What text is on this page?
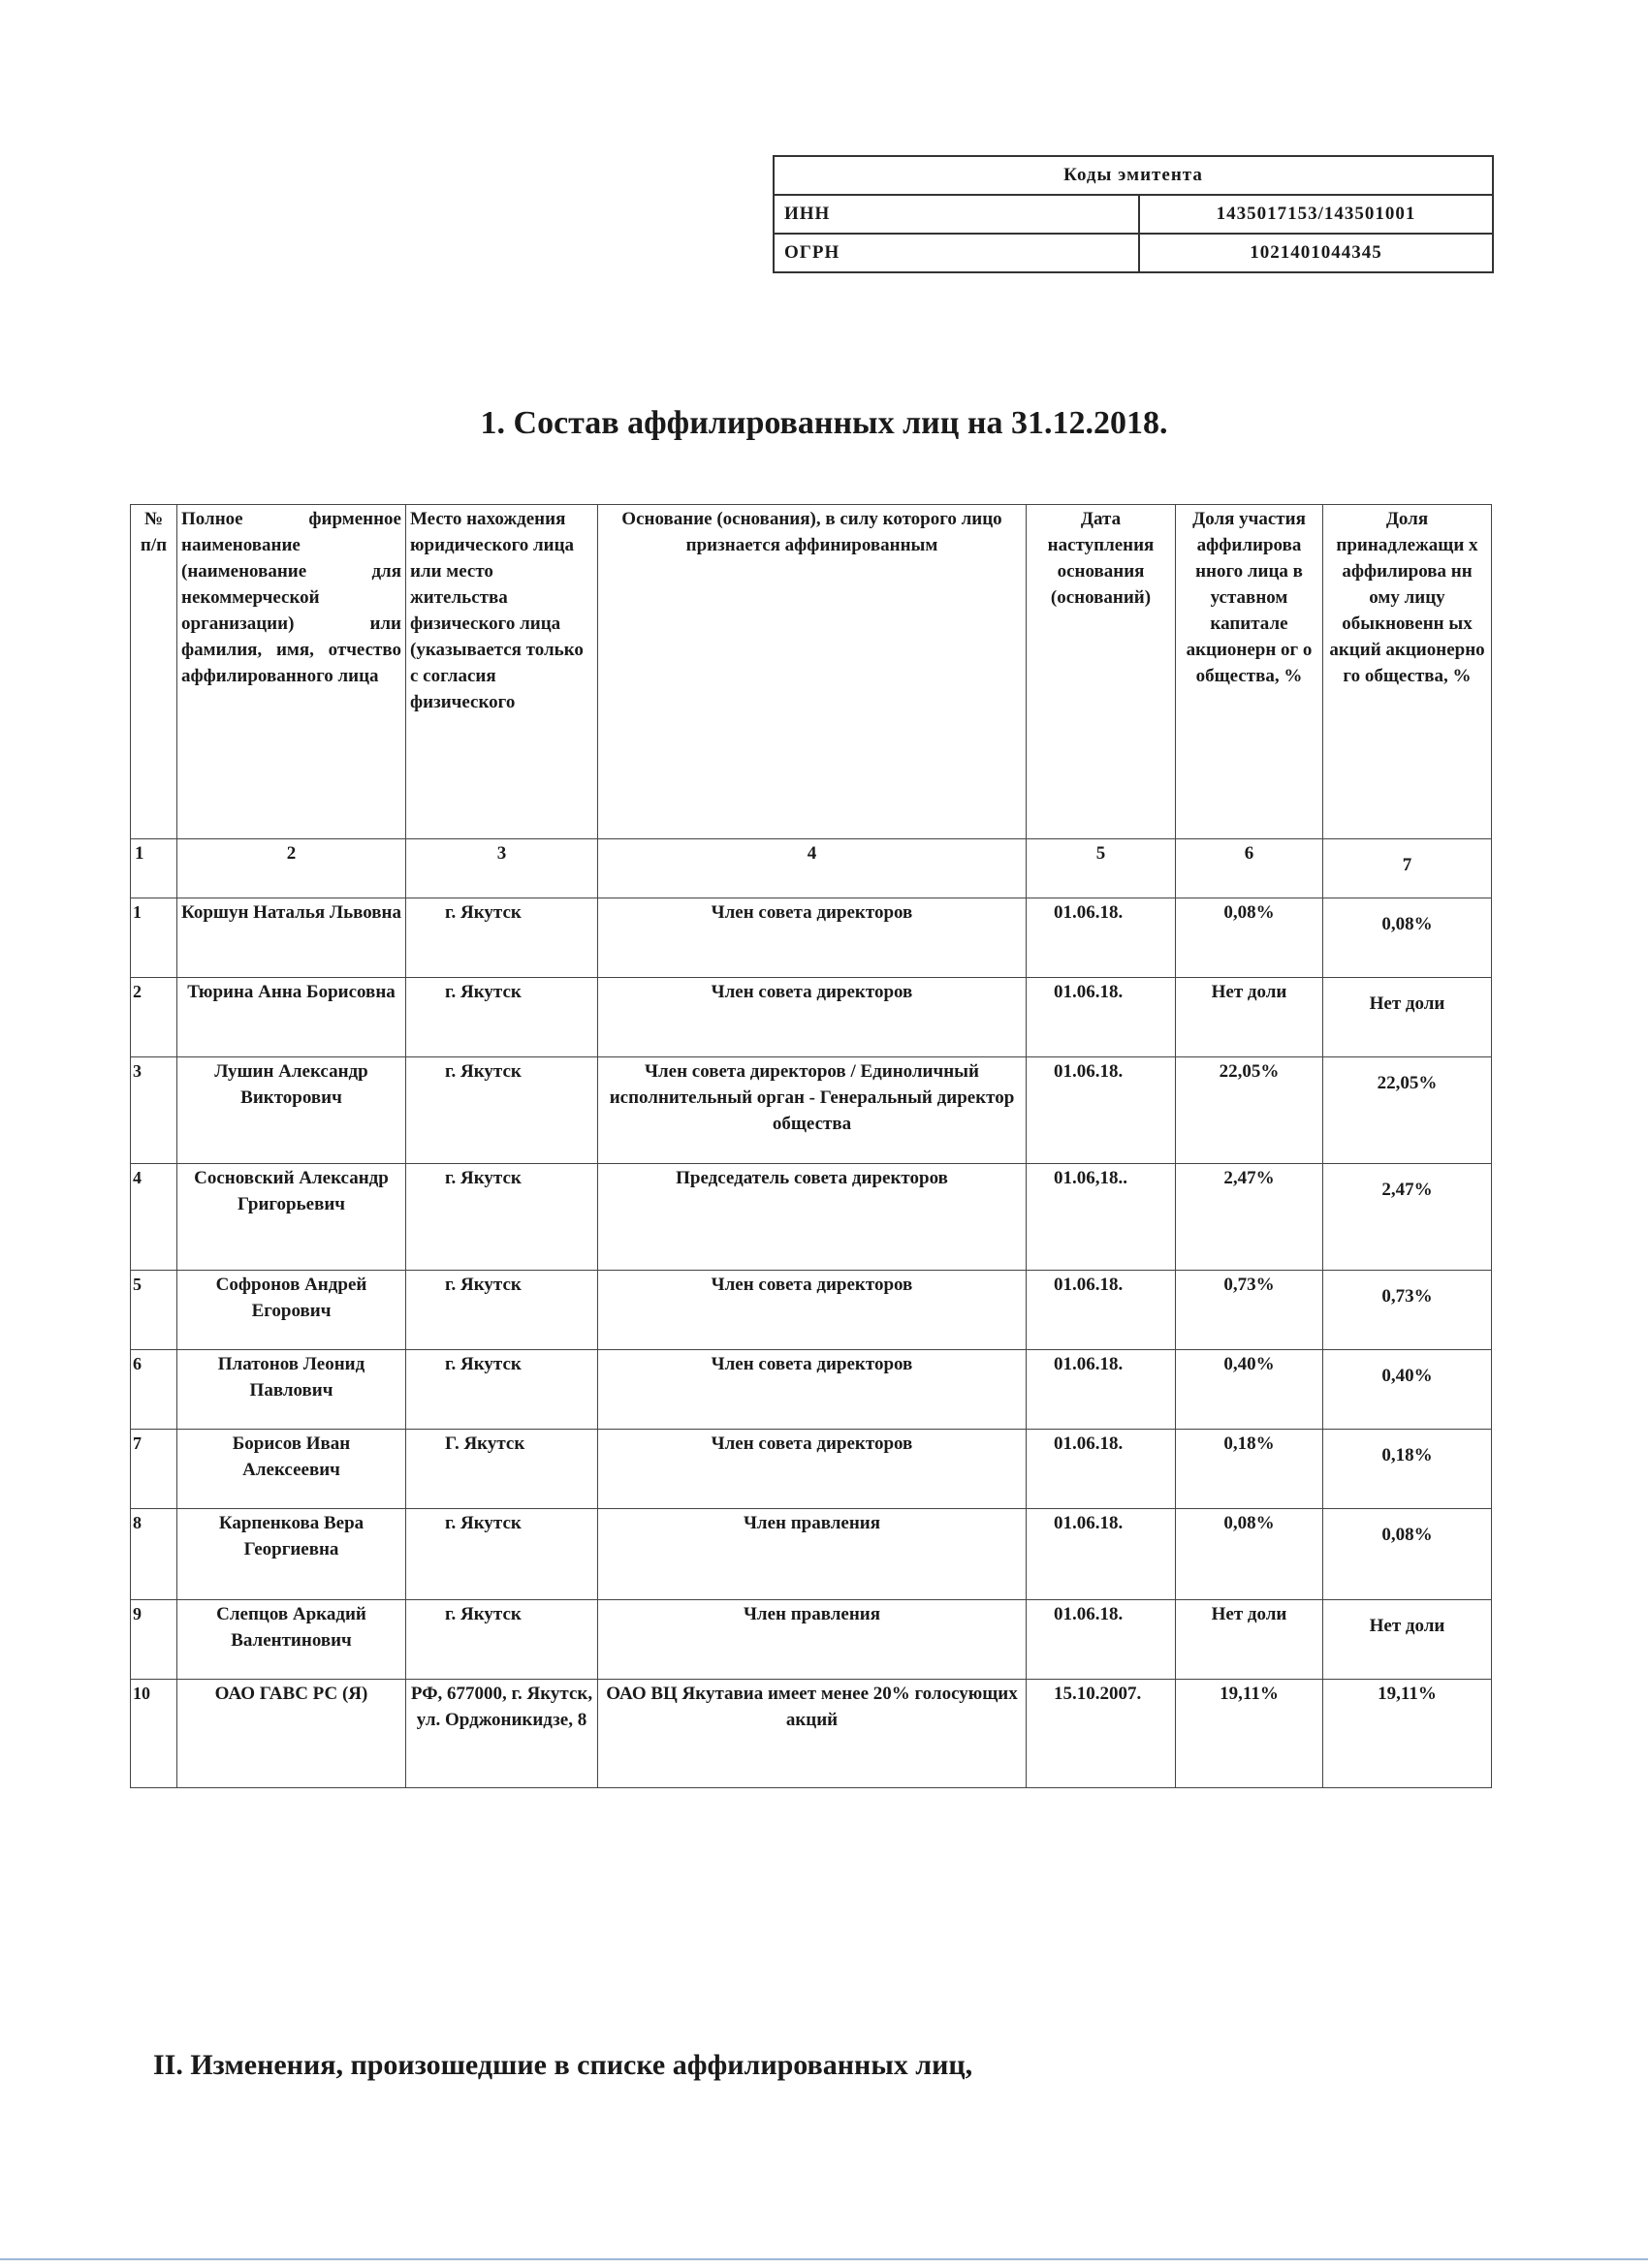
Коды эмитента	
ИНН	1435017153/143501001
ОГРН	1021401044345
1. Состав аффилированных лиц на 31.12.2018.
№ п/п	Полное фирменное наименование (наименование для некоммерческой организации) или фамилия, имя, отчество аффилированного лица	Место нахождения юридического лица или место жительства физического лица (указывается только с согласия физического	Основание (основания), в силу которого лицо признается аффинированным	Дата наступления основания (оснований)	Доля участия аффилирова нного лица в уставном капитале акционерн ог о общества, %	Доля принадлежащи х аффилирова нн ому лицу обыкновенн ых акций акционерно го общества, %

1	2	3	4	5	6	7
1	Коршун Наталья Львовна	г. Якутск	Член совета директоров	01.06.18.	0,08%	0,08%
2	Тюрина Анна Борисовна	г. Якутск	Член совета директоров	01.06.18.	Нет доли	Нет доли
3	Лушин Александр Викторович	г. Якутск	Член совета директоров / Единоличный исполнительный орган - Генеральный директор общества	01.06.18.	22,05%	22,05%
4	Сосновский Александр Григорьевич	г. Якутск	Председатель совета директоров	01.06,18..	2,47%	2,47%
5	Софронов Андрей Егорович	г. Якутск	Член совета директоров	01.06.18.	0,73%	0,73%
6	Платонов Леонид Павлович	г. Якутск	Член совета директоров	01.06.18.	0,40%	0,40%
7	Борисов Иван Алексеевич	Г. Якутск	Член совета директоров	01.06.18.	0,18%	0,18%
8	Карпенкова Вера Георгиевна	г. Якутск	Член правления	01.06.18.	0,08%	0,08%
9	Слепцов Аркадий Валентинович	г. Якутск	Член правления	01.06.18.	Нет доли	Нет доли
10	ОАО ГАВС РС (Я)	РФ, 677000, г. Якутск, ул. Орджоникидзе, 8	ОАО ВЦ Якутавиа имеет менее 20% голосующих акций	15.10.2007.	19,11%	19,11%
II. Изменения, произошедшие в списке аффилированных лиц,
